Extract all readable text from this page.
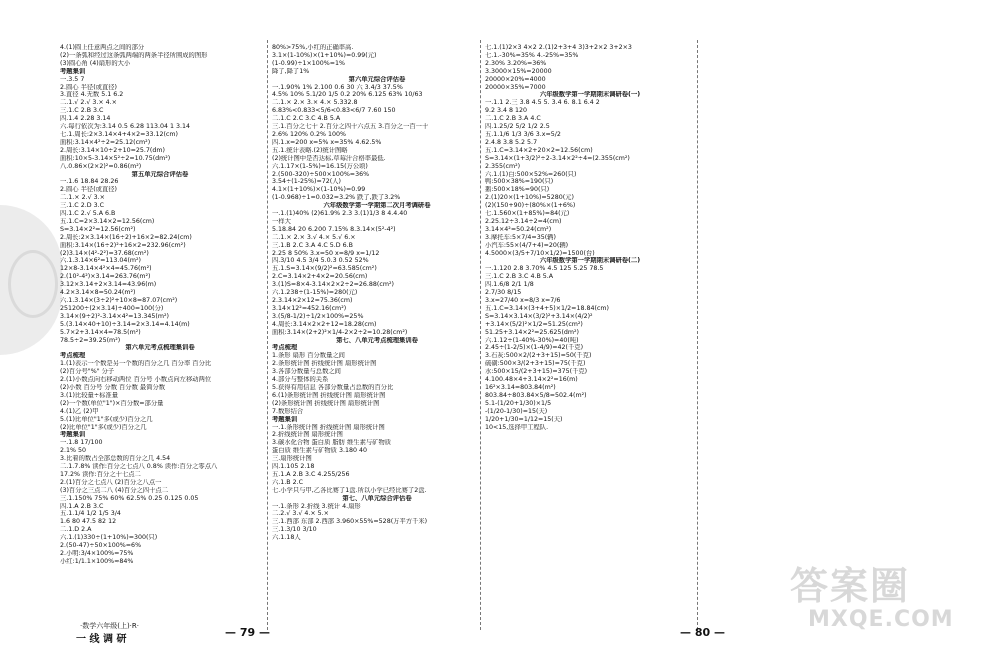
4.(1)圆上任意两点之间的部分
(2)一条弧和经过这条弧两端的两条半径所围成的图形
(3)圆心角 (4)扇形的大小
考题集训
一.3.5 7
2.圆心 半径(或直径)
3.直径 4.无数 5.1 6.2
二.1.√ 2.√ 3.× 4.×
三.1.C 2.B 3.C
四.1.4 2.28 3.14
六.每行依次为:3.14 0.5 6.28 113.04 1 3.14
七.1.周长:2×3.14×4+4×2=33.12(cm)
面积:3.14×4²÷2=25.12(cm²)
2.周长:3.14×10÷2+10=25.7(dm)
面积:10×5-3.14×5²÷2=10.75(dm²)
八.0.86×(2×2)²=0.86(m²)
第五单元综合评估卷
一.1.6 18.84 28.26
2.圆心 半径(或直径)
二.1.× 2.√ 3.×
三.1.C 2.D 3.C
四.1.C 2.√ 5.A 6.B
五.1.C=2×3.14×2=12.56(cm)
S=3.14×2²=12.56(cm²)
2.周长:2×3.14×(16÷2)+16×2=82.24(cm)
面积:3.14×(16÷2)²+16×2=232.96(cm²)
(2)3.14×(4²-2²)=37.68(cm²)
六.1.3.14×6²=113.04(m²)
12×8-3.14×4²×4=45.76(m²)
2.(10²-4²)×3.14=263.76(m²)
3.12×3.14+2×3.14=43.96(m)
4.2×3.14×8=50.24(m²)
六.1.3.14×(3÷2)²+10×8=87.07(cm²)
251200÷(2×3.14)÷400=100(分)
3.14×(9÷2)²-3.14×4²=13.345(m²)
5.(3.14×40+10)÷3.14=2×3.14=4.14(m)
5.7×2+3.14×4=78.5(m²)
78.5÷2=39.25(m²)
第六单元考点梳理集训卷
考点梳理
1.(1)表示一个数是另一个数的百分之几 百分率 百分比
(2)百分号"%" 分子
2.(1)小数点向右移动两位 百分号 小数点向左移动两位
(2)小数 百分号 分数 百分数 最简分数
3.(1)比较量÷标准量
(2)一个数(单位"1")×百分数=部分量
4.(1)乙 (2)甲
5.(1)比单位"1"多(或少)百分之几
(2)比单位"1"多(或少)百分之几
考题集训
一.1.8 17/100
2.1% 50
3.比着的数占全部总数的百分之几 4.54
二.1.7.8% 读作:百分之七点八 0.8% 读作:百分之零点八
17.2% 读作:百分之十七点二
2.(1)百分之七点八 (2)百分之八点一
(3)百分之三点二八 (4)百分之四十点二
三.1.150% 75% 60% 62.5% 0.25 0.125 0.05
四.1.A 2.B 3.C
五.1.1/4 1/2 1/5 3/4
1.6 80 47.5 82 12
二.1.D 2.A
六.1.(1)330÷(1+10%)=300(只)
2.(50-47)÷50×100%=6%
2.小明:3/4×100%=75%
小红:1/1.1×100%≈84%
80%>75%,小红的正确率高.
3.1×(1-10%)×(1+10%)=0.99(元)
(1-0.99)÷1×100%=1%
降了,降了1%
第六单元综合评估卷
一.1.90% 1% 2.100 0.6 30 六 3.4/3 37.5%
4.5% 10% 5.1/20 1/5 0.2 20% 6.125 63% 10/63
二.1.× 2.× 3.× 4.× 5.332.8
6.83%<0.833<5/6<0.83<6/7 7.60 150
二.1.C 2.C 3.C 4.B 5.A
三.1.百分之七十 2.百分之四十六点五 3.百分之一百一十
2.6% 120% 0.2% 100%
四.1.x=200 x=5% x=35% 4.62.5%
五.1.统计表略.(2)统计图略
(2)统计图中是否达标,草莓汁合格率最低.
六.1.17×(1-5%)=16.15(万公顷)
2.(500-320)÷500×100%=36%
3.54÷(1-25%)=72(人)
4.1×(1+10%)×(1-10%)=0.99
(1-0.968)÷1=0.032=3.2% 跌了,跌了3.2%
六年级数学第一学期第二次月考调研卷
一.1.(1)40% (2)61.9% 2.3 3.(1)1/3 8 4.4.40
一样大
5.18.84 20 6.200 7.15% 8.3.14×(5²-4²)
二.1.× 2.× 3.√ 4.× 5.√ 6.×
三.1.B 2.C 3.A 4.C 5.D 6.B
2.25 8 50% 3.x=50 x=8/9 x=1/12
四.3/10 4.5 3/4 5.0.3 0.52 52%
五.1.S=3.14×(9/2)²=63.585(cm²)
2.C=3.14×2+4×2=20.56(cm)
3.(1)S=8×4-3.14×2×2÷2=26.88(cm²)
六.1.238÷(1-15%)=280(元)
2.3.14×2×12=75.36(cm)
3.14×12²=452.16(cm²)
3.(5/8-1/2)÷1/2×100%=25%
4.周长:3.14×2×2+12=18.28(cm)
面积:3.14×(2+2)²×1/4-2×2÷2=10.28(cm²)
第七、八单元考点梳理集训卷
考点梳理
1.条形 扇形 百分数量之间
2.条形统计图 折线统计图 扇形统计图
3.各部分数量与总数之间
4.部分与整体的关系
5.获得有用信息 各部分数量占总数的百分比
6.(1)条形统计图 折线统计图 扇形统计图
(2)条形统计图 折线统计图 扇形统计图
7.数形结合
考题集训
一.1.条形统计图 折线统计图 扇形统计图
2.折线统计图 扇形统计图
3.碳水化合物 蛋白质 脂肪 维生素与矿物质
蛋白质 维生素与矿物质 3.180 40
三.扇形统计图
四.1.105 2.18
五.1.A 2.B 3.C 4.255/256
六.1.B 2.C
七.小学只与甲,乙各比赛了1盘.所以小学已经比赛了2盘.
第七、八单元综合评估卷
一.1.条形 2.折线 3.统计 4.扇形
二.2.√ 3.√ 4.× 5.×
三.1.西部 东部 2.西部 3.960×55%=528(万平方千米)
三.1.3/10 3/10
六.1.18人
七.1.(1)2×3 4×2 2.(1)2+3+4 3)3+2×2 3+2×3
七.1.-30%=35% 4.-25%=35%
2.30% 3.20%=36%
3.3000×15%=20000
20000×20%=4000
20000×35%=7000
六年级数学第一学期期末调研卷(一)
一.1.1 2.三 3.8 4.5 5. 3.4 6. 8.1 6.4 2
9.2 3.4 8 120
二.1.C 2.B 3.A 4.C
四.1.25/2 5/2 1/2 2.5
五.1.1/6 1/3 3/6 3.x=5/2
2.4.8 3.8 5.2 5.7
五.1.C=3.14×2+20×2=12.56(cm)
S=3.14×(1+3/2)²÷2-3.14×2²÷4=(2.355(cm²)
2.355(cm²)
六.1.(1)白:500×52%=260(只)
鸭:500×38%=190(只)
鹅:500×18%=90(只)
2.(1)20×(1+10%)=5280(元)
(2)(150+90)÷(80%×(1+6%)
七.1.560×(1+85%)=84(元)
2.25.12÷3.14÷2=4(cm)
3.14×4²=50.24(cm²)
3.摩托车:5×7/4=35(辆)
小汽车:55×(4/7+4)=20(辆)
4.5000×(3/5+7/10×1/2)=1500(台)
六年级数学第一学期期末调研卷(二)
一.1.120 2.8 3.70% 4.5 125 5.25 78.5
三.1.C 2.B 3.C 4.B 5.A
四.1.6/8 2/1 1/8
2.7/30 8/15
3.x=27/40 x=8/3 x=7/6
五.1.C=3.14×(3+4+5)×1/2=18.84(cm)
S=3.14×3.14×(3/2)²+3.14×(4/2)²
+3.14×(5/2)²×1/2=51.25(cm²)
51.25+3.14×2²=25.625(dm²)
六.1.12÷(1-40%-30%)=40(吨)
2.45÷(1-2/5)×(1-4/9)=42(千克)
3.石灰:500×2/(2+3+15)=50(千克)
硫磺:500×3/(2+3+15)=75(千克)
水:500×15/(2+3+15)=375(千克)
4.100.48×4+3.14×2²=16(m)
16²×3.14=803.84(m²)
803.84÷803.84×5/8=502.4(m²)
5.1-(1/20+1/30)×1/5
-(1/20-1/30)=15(天)
1/20+1/30=1/12=15(天)
10<15,选择甲工程队.
·数学六年级(上)·R·
一 线 调 研
— 79 —	— 80 —
答案圈
MXQE.COM
